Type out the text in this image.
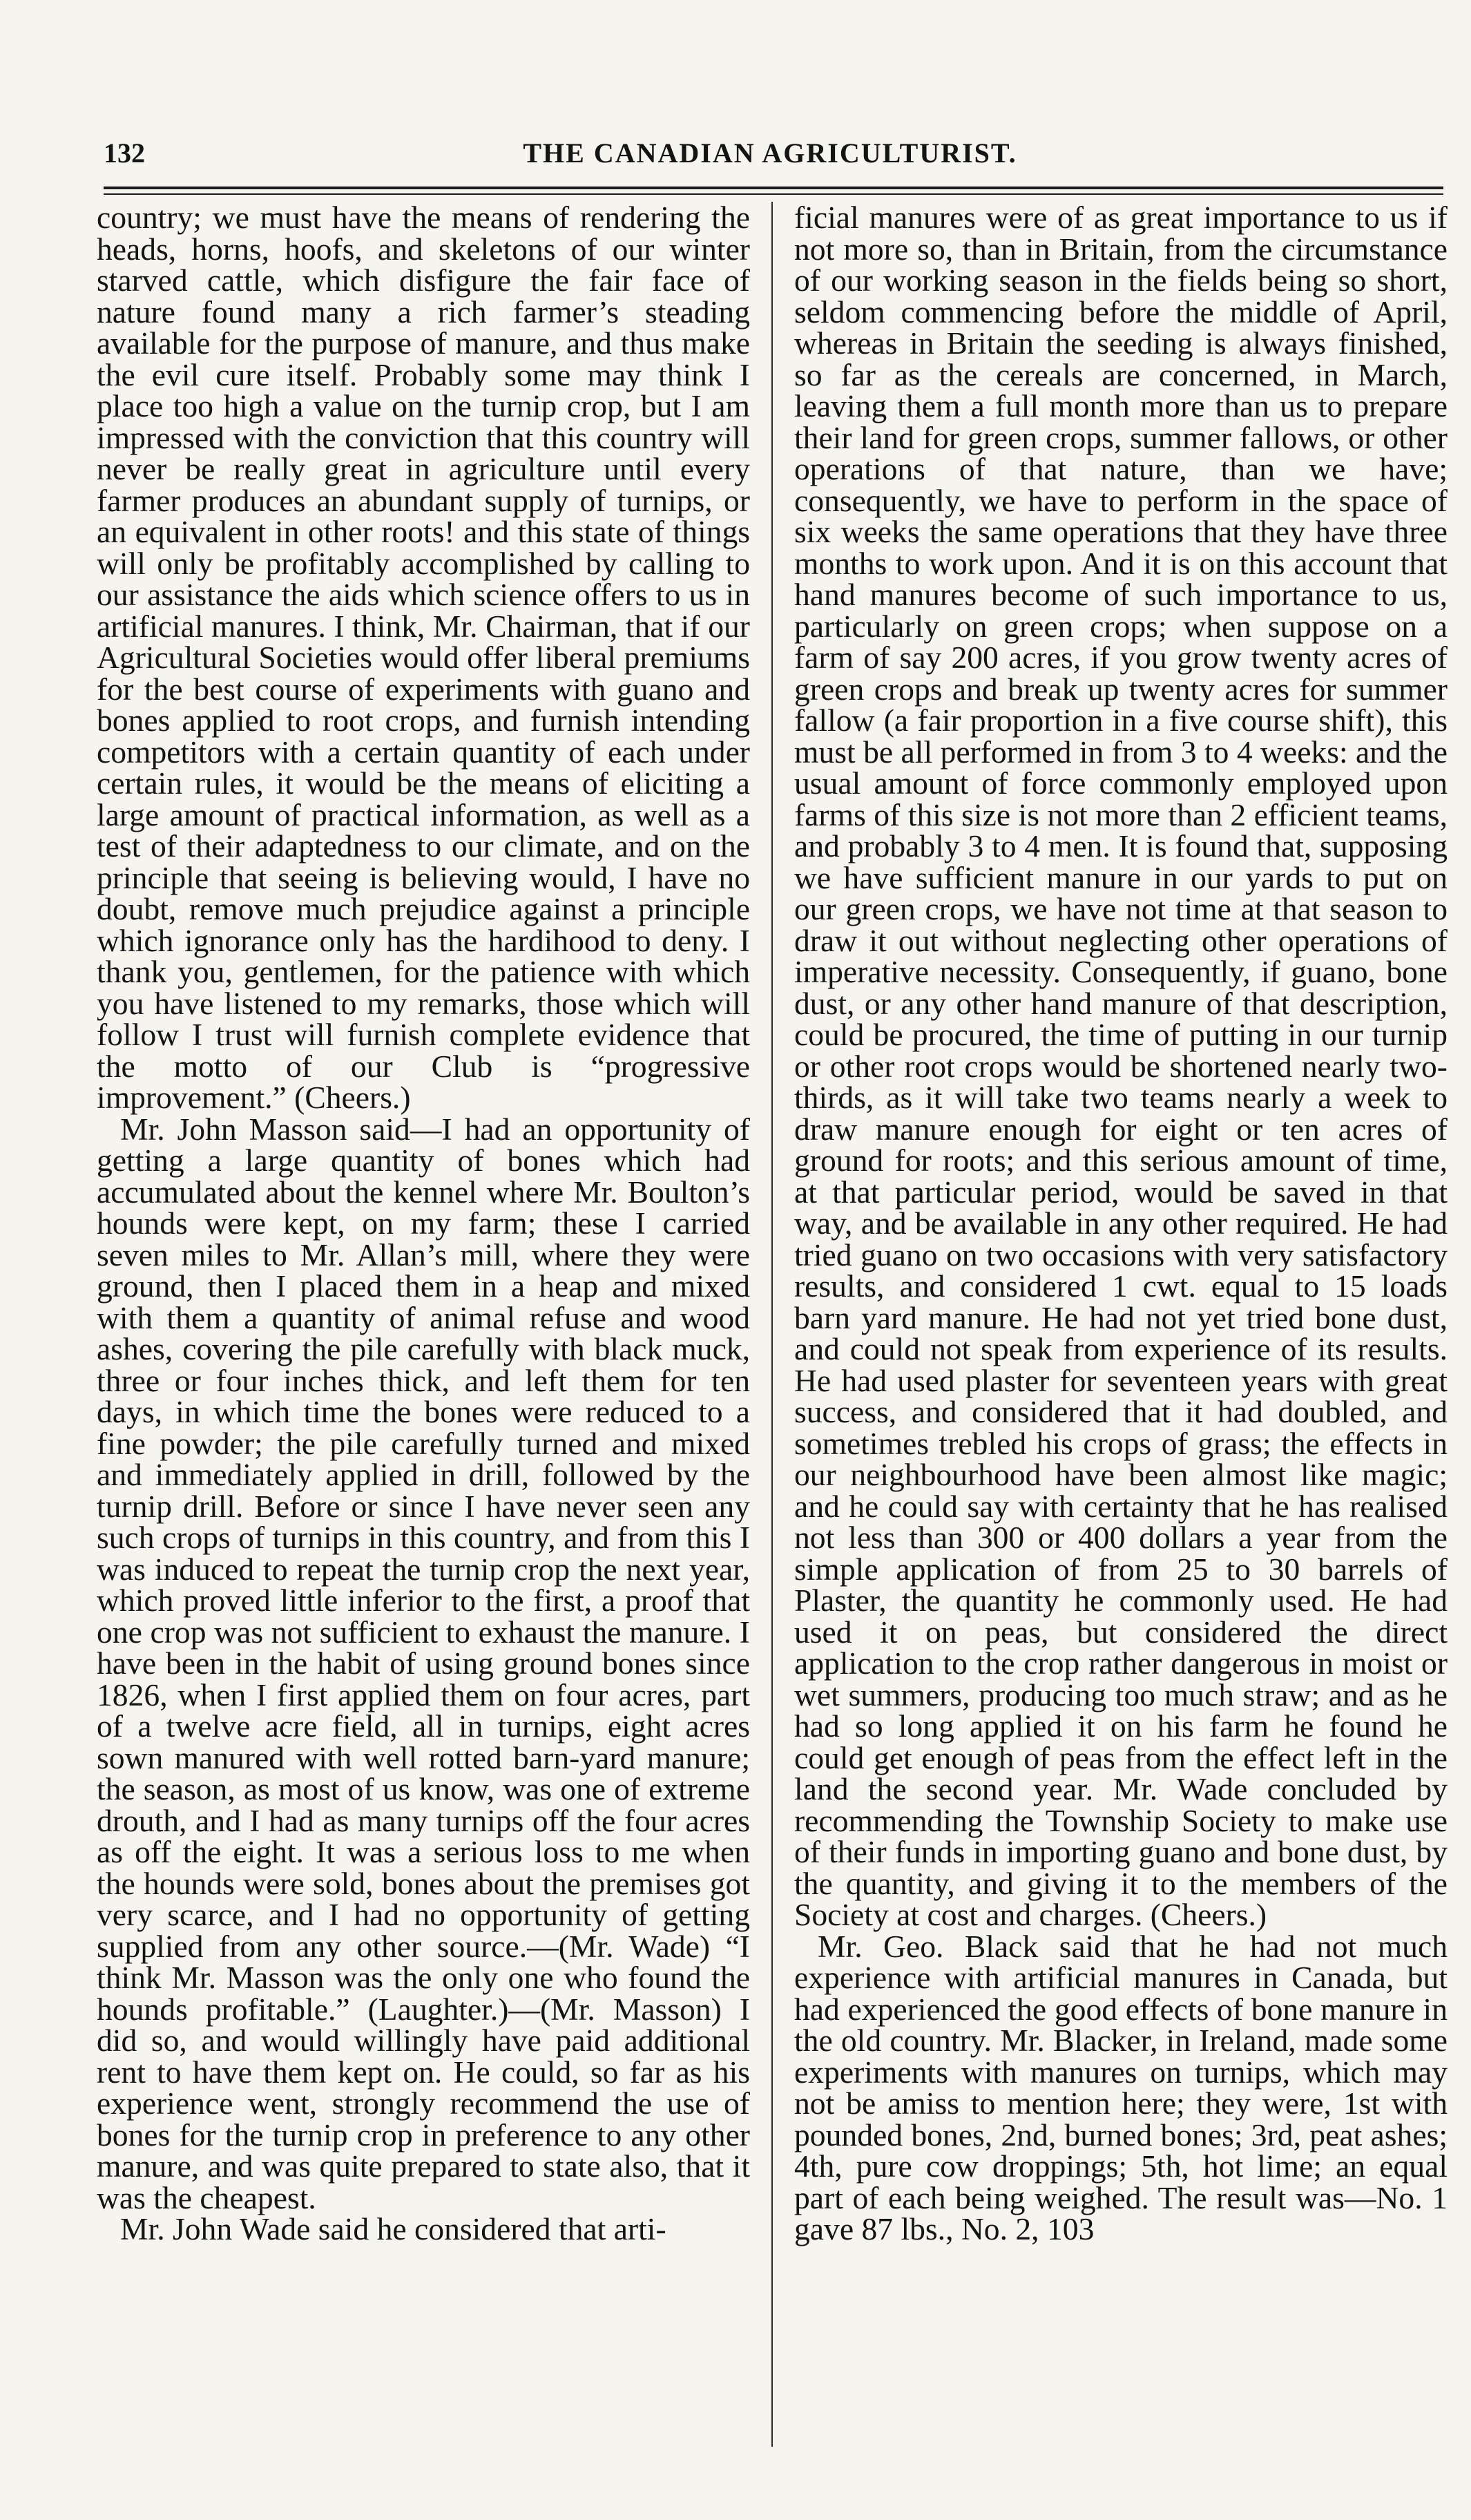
132	THE CANADIAN AGRICULTURIST.

country; we must have the means of rendering the heads, horns, hoofs, and skeletons of our winter starved cattle, which disfigure the fair face of nature found many a rich farmer’s steading available for the purpose of manure, and thus make the evil cure itself. Probably some may think I place too high a value on the turnip crop, but I am impressed with the conviction that this country will never be really great in agriculture until every farmer produces an abundant supply of turnips, or an equivalent in other roots! and this state of things will only be profitably accomplished by calling to our assistance the aids which science offers to us in artificial manures. I think, Mr. Chairman, that if our Agricultural Societies would offer liberal premiums for the best course of experiments with guano and bones applied to root crops, and furnish intending competitors with a certain quantity of each under certain rules, it would be the means of eliciting a large amount of practical information, as well as a test of their adaptedness to our climate, and on the principle that seeing is believing would, I have no doubt, remove much prejudice against a principle which ignorance only has the hardihood to deny. I thank you, gentlemen, for the patience with which you have listened to my remarks, those which will follow I trust will furnish complete evidence that the motto of our Club is “progressive improvement.” (Cheers.)

Mr. John Masson said—I had an opportunity of getting a large quantity of bones which had accumulated about the kennel where Mr. Boulton’s hounds were kept, on my farm; these I carried seven miles to Mr. Allan’s mill, where they were ground, then I placed them in a heap and mixed with them a quantity of animal refuse and wood ashes, covering the pile carefully with black muck, three or four inches thick, and left them for ten days, in which time the bones were reduced to a fine powder; the pile carefully turned and mixed and immediately applied in drill, followed by the turnip drill. Before or since I have never seen any such crops of turnips in this country, and from this I was induced to repeat the turnip crop the next year, which proved little inferior to the first, a proof that one crop was not sufficient to exhaust the manure. I have been in the habit of using ground bones since 1826, when I first applied them on four acres, part of a twelve acre field, all in turnips, eight acres sown manured with well rotted barn-yard manure; the season, as most of us know, was one of extreme drouth, and I had as many turnips off the four acres as off the eight. It was a serious loss to me when the hounds were sold, bones about the premises got very scarce, and I had no opportunity of getting supplied from any other source.—(Mr. Wade) “I think Mr. Masson was the only one who found the hounds profitable.” (Laughter.)—(Mr. Masson) I did so, and would willingly have paid additional rent to have them kept on. He could, so far as his experience went, strongly recommend the use of bones for the turnip crop in preference to any other manure, and was quite prepared to state also, that it was the cheapest.

Mr. John Wade said he considered that arti-

ficial manures were of as great importance to us if not more so, than in Britain, from the circumstance of our working season in the fields being so short, seldom commencing before the middle of April, whereas in Britain the seeding is always finished, so far as the cereals are concerned, in March, leaving them a full month more than us to prepare their land for green crops, summer fallows, or other operations of that nature, than we have; consequently, we have to perform in the space of six weeks the same operations that they have three months to work upon. And it is on this account that hand manures become of such importance to us, particularly on green crops; when suppose on a farm of say 200 acres, if you grow twenty acres of green crops and break up twenty acres for summer fallow (a fair proportion in a five course shift), this must be all performed in from 3 to 4 weeks: and the usual amount of force commonly employed upon farms of this size is not more than 2 efficient teams, and probably 3 to 4 men. It is found that, supposing we have sufficient manure in our yards to put on our green crops, we have not time at that season to draw it out without neglecting other operations of imperative necessity. Consequently, if guano, bone dust, or any other hand manure of that description, could be procured, the time of putting in our turnip or other root crops would be shortened nearly two-thirds, as it will take two teams nearly a week to draw manure enough for eight or ten acres of ground for roots; and this serious amount of time, at that particular period, would be saved in that way, and be available in any other required. He had tried guano on two occasions with very satisfactory results, and considered 1 cwt. equal to 15 loads barn yard manure. He had not yet tried bone dust, and could not speak from experience of its results. He had used plaster for seventeen years with great success, and considered that it had doubled, and sometimes trebled his crops of grass; the effects in our neighbourhood have been almost like magic; and he could say with certainty that he has realised not less than 300 or 400 dollars a year from the simple application of from 25 to 30 barrels of Plaster, the quantity he commonly used. He had used it on peas, but considered the direct application to the crop rather dangerous in moist or wet summers, producing too much straw; and as he had so long applied it on his farm he found he could get enough of peas from the effect left in the land the second year. Mr. Wade concluded by recommending the Township Society to make use of their funds in importing guano and bone dust, by the quantity, and giving it to the members of the Society at cost and charges. (Cheers.)

Mr. Geo. Black said that he had not much experience with artificial manures in Canada, but had experienced the good effects of bone manure in the old country. Mr. Blacker, in Ireland, made some experiments with manures on turnips, which may not be amiss to mention here; they were, 1st with pounded bones, 2nd, burned bones; 3rd, peat ashes; 4th, pure cow droppings; 5th, hot lime; an equal part of each being weighed. The result was—No. 1 gave 87 lbs., No. 2, 103
